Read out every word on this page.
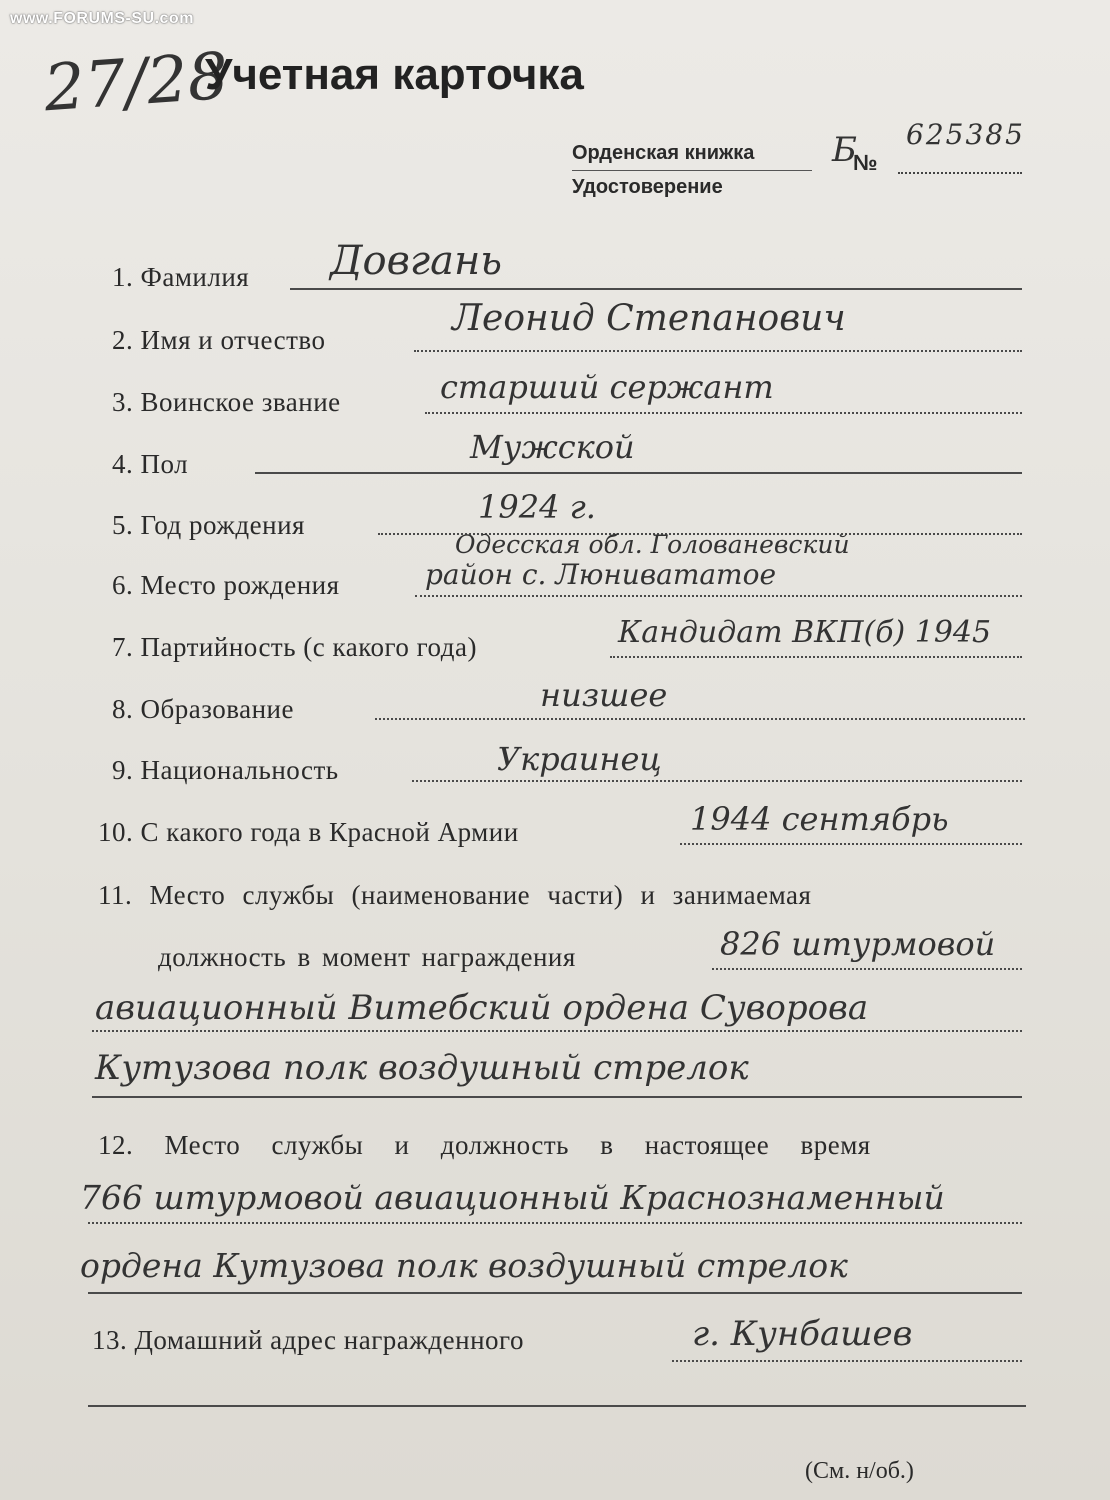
www.FORUMS-SU.com
27/28
Учетная карточка
Орденская книжка
Удостоверение
Б
№
625385
1. Фамилия Довгань
2. Имя и отчество
Леонид Степанович
3. Воинское звание	старший сержант
4. Пол	Мужской
5. Год рождения	1924 г.
Одесская обл. Голованевский
6. Место рождения	район с. Люнивататое
7. Партийность (с какого года)	Кандидат ВКП(б) 1945
8. Образование	низшее
9. Национальность	Украинец
10. С какого года в Красной Армии	1944 сентябрь
11. Место службы (наименование части) и занимаемая
должность в момент награждения	826 штурмовой
авиационный Витебский ордена Суворова
Кутузова полк воздушный стрелок
12. Место службы и должность в настоящее время
766 штурмовой авиационный Краснознаменный
ордена Кутузова полк воздушный стрелок
13. Домашний адрес награжденного	г. Кунбашев
(См. н/об.)
